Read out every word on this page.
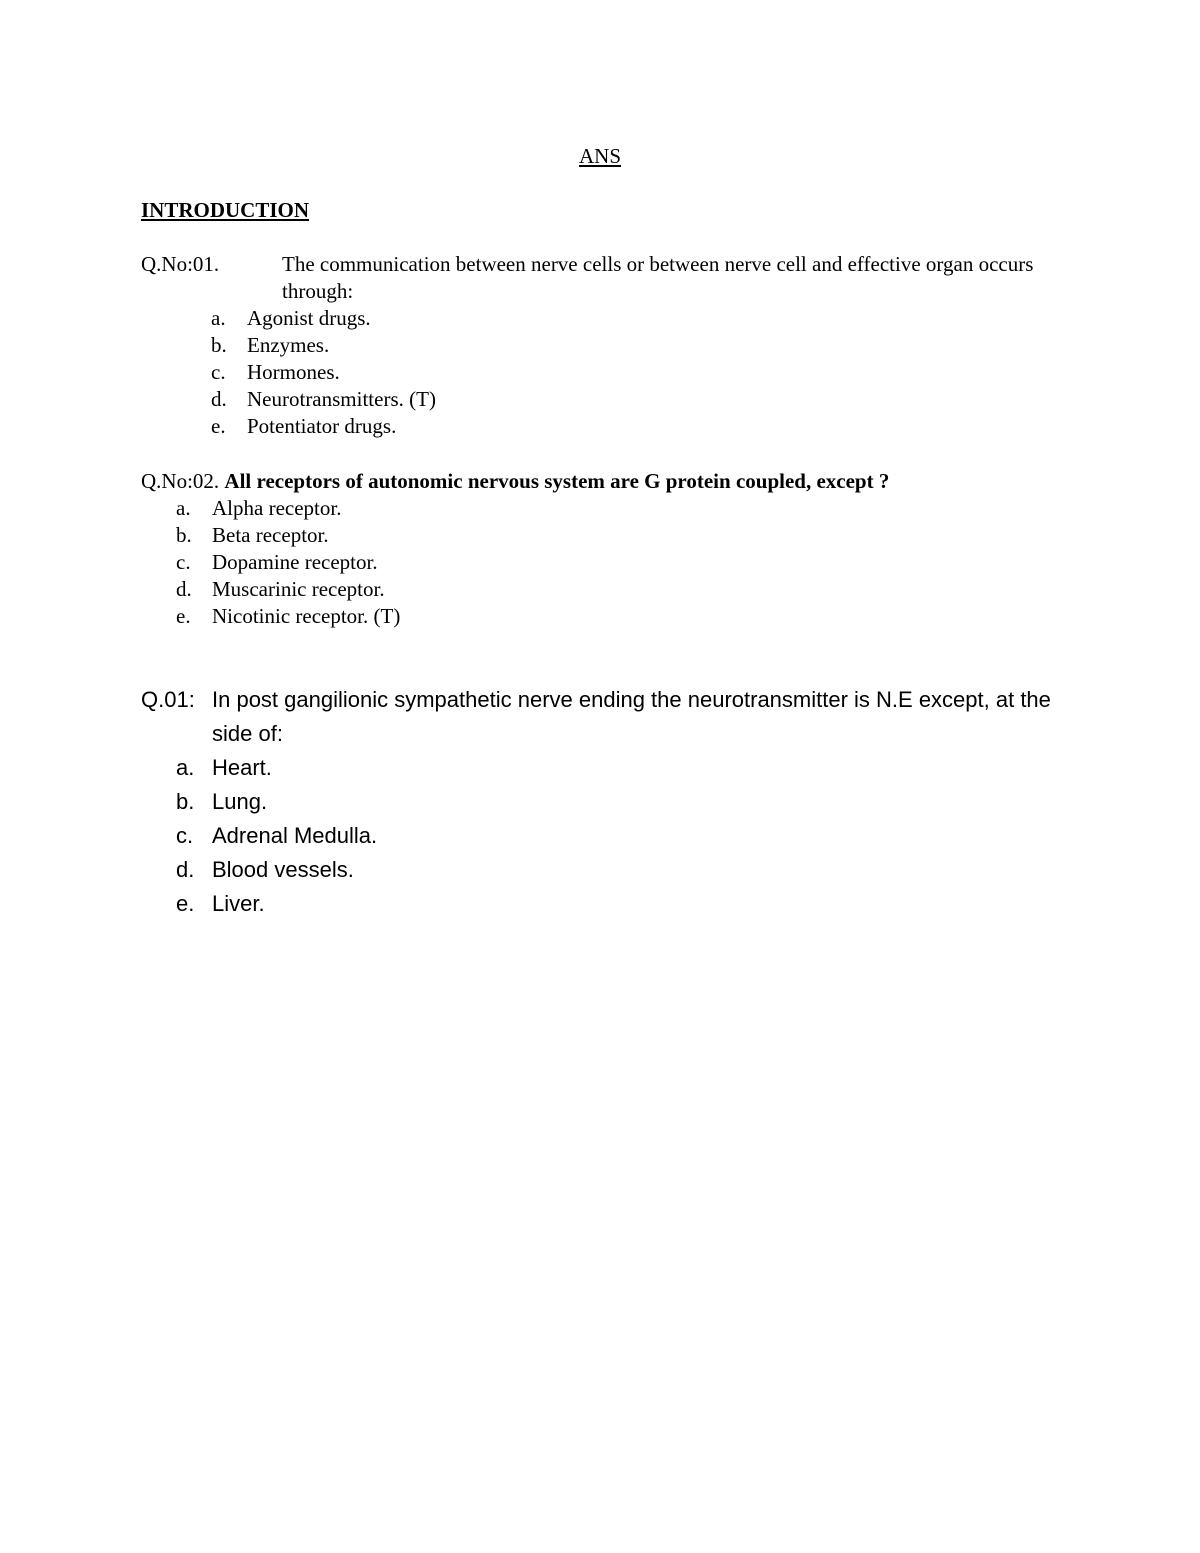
ANS
INTRODUCTION
Q.No:01.	The communication between nerve cells or between nerve cell and effective organ occurs through:
a.	Agonist drugs.
b. Enzymes.
c.	Hormones.
d. Neurotransmitters. (T)
e.	Potentiator drugs.
Q.No:02. All receptors of autonomic nervous system are G protein coupled, except ?
a.	Alpha receptor.
b. Beta receptor.
c.	Dopamine receptor.
d. Muscarinic receptor.
e.	Nicotinic receptor. (T)
Q.01: In post gangilionic sympathetic nerve ending the neurotransmitter is N.E except, at the side of:
a. Heart.
b. Lung.
c. Adrenal Medulla.
d. Blood vessels.
e. Liver.
